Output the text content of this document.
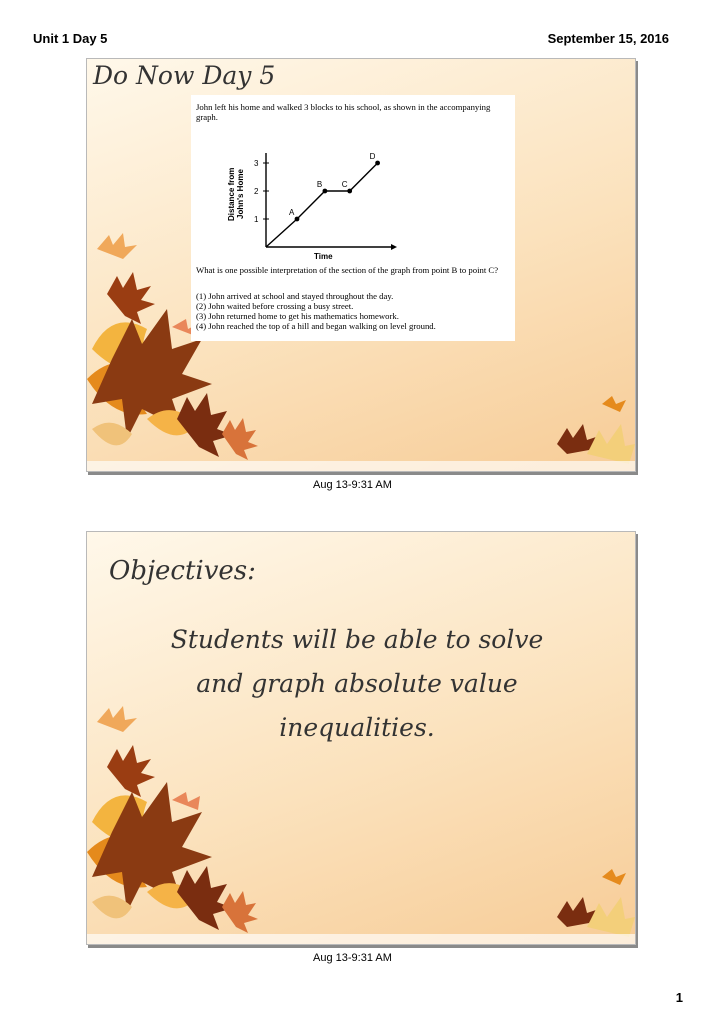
Unit 1 Day 5	September 15, 2016
Do Now Day 5
John left his home and walked 3 blocks to his school, as shown in the accompanying graph.
Time
Distance from John's Home
1
2
3
A
B C
D
What is one possible interpretation of the section of the graph from point B to point C?
(1) John arrived at school and stayed throughout the day.
(2) John waited before crossing a busy street.
(3) John returned home to get his mathematics homework.
(4) John reached the top of a hill and began walking on level ground.
Aug 13-9:31 AM
Objectives:
Students will be able to solve and graph absolute value inequalities.
Aug 13-9:31 AM
1
